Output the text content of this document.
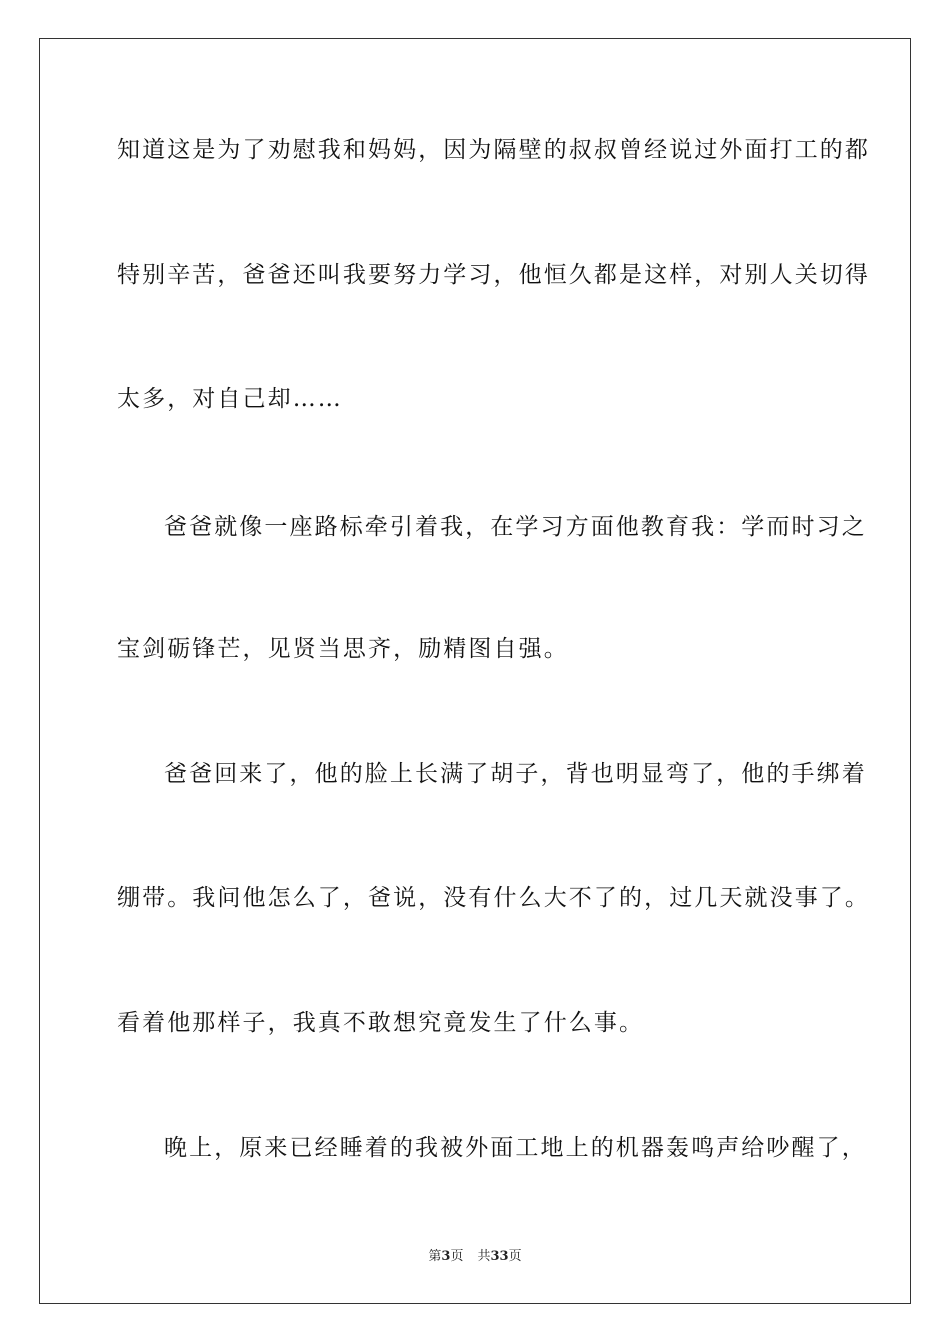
知道这是为了劝慰我和妈妈，因为隔壁的叔叔曾经说过外面打工的都
特别辛苦，爸爸还叫我要努力学习，他恒久都是这样，对别人关切得
太多，对自己却……
爸爸就像一座路标牵引着我，在学习方面他教育我：学而时习之
宝剑砺锋芒，见贤当思齐，励精图自强。
爸爸回来了，他的脸上长满了胡子，背也明显弯了，他的手绑着
绷带。我问他怎么了，爸说，没有什么大不了的，过几天就没事了。
看着他那样子，我真不敢想究竟发生了什么事。
晚上，原来已经睡着的我被外面工地上的机器轰鸣声给吵醒了，
第3页 共33页
